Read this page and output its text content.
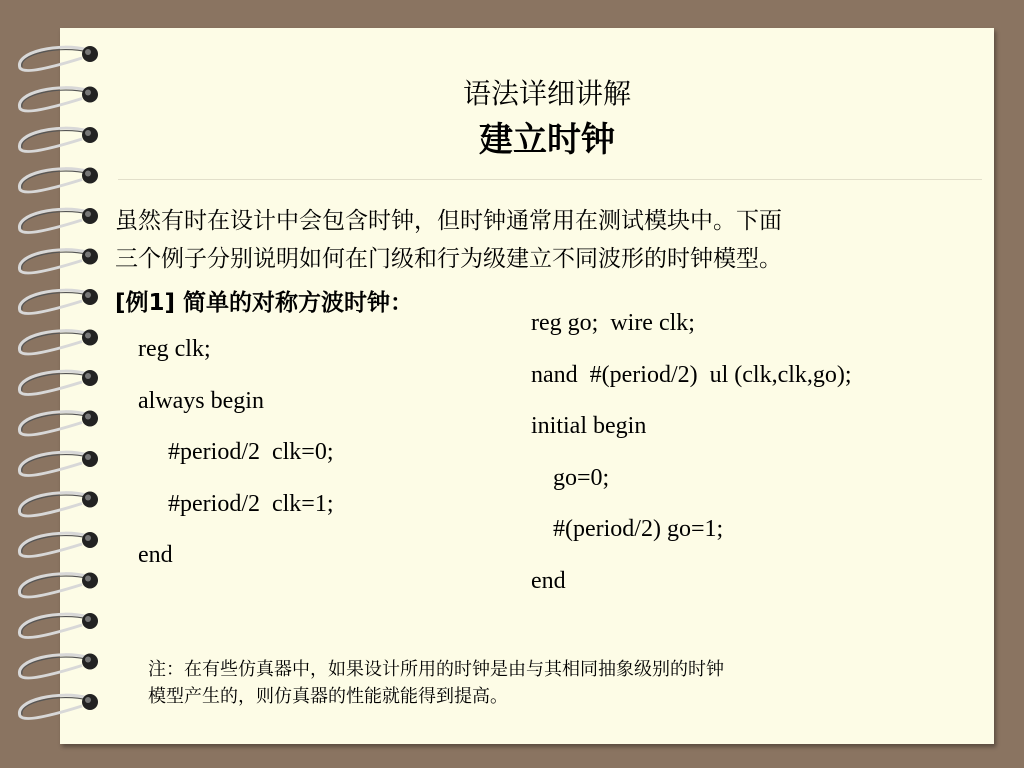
语法详细讲解
建立时钟
虽然有时在设计中会包含时钟，但时钟通常用在测试模块中。下面
三个例子分别说明如何在门级和行为级建立不同波形的时钟模型。
[例1] 简单的对称方波时钟：
reg clk;
always begin
#period/2  clk=0;
#period/2  clk=1;
end
reg go;  wire clk;
nand  #(period/2)  ul (clk,clk,go);
initial begin
go=0;
#(period/2) go=1;
end
注：在有些仿真器中，如果设计所用的时钟是由与其相同抽象级别的时钟
模型产生的，则仿真器的性能就能得到提高。
